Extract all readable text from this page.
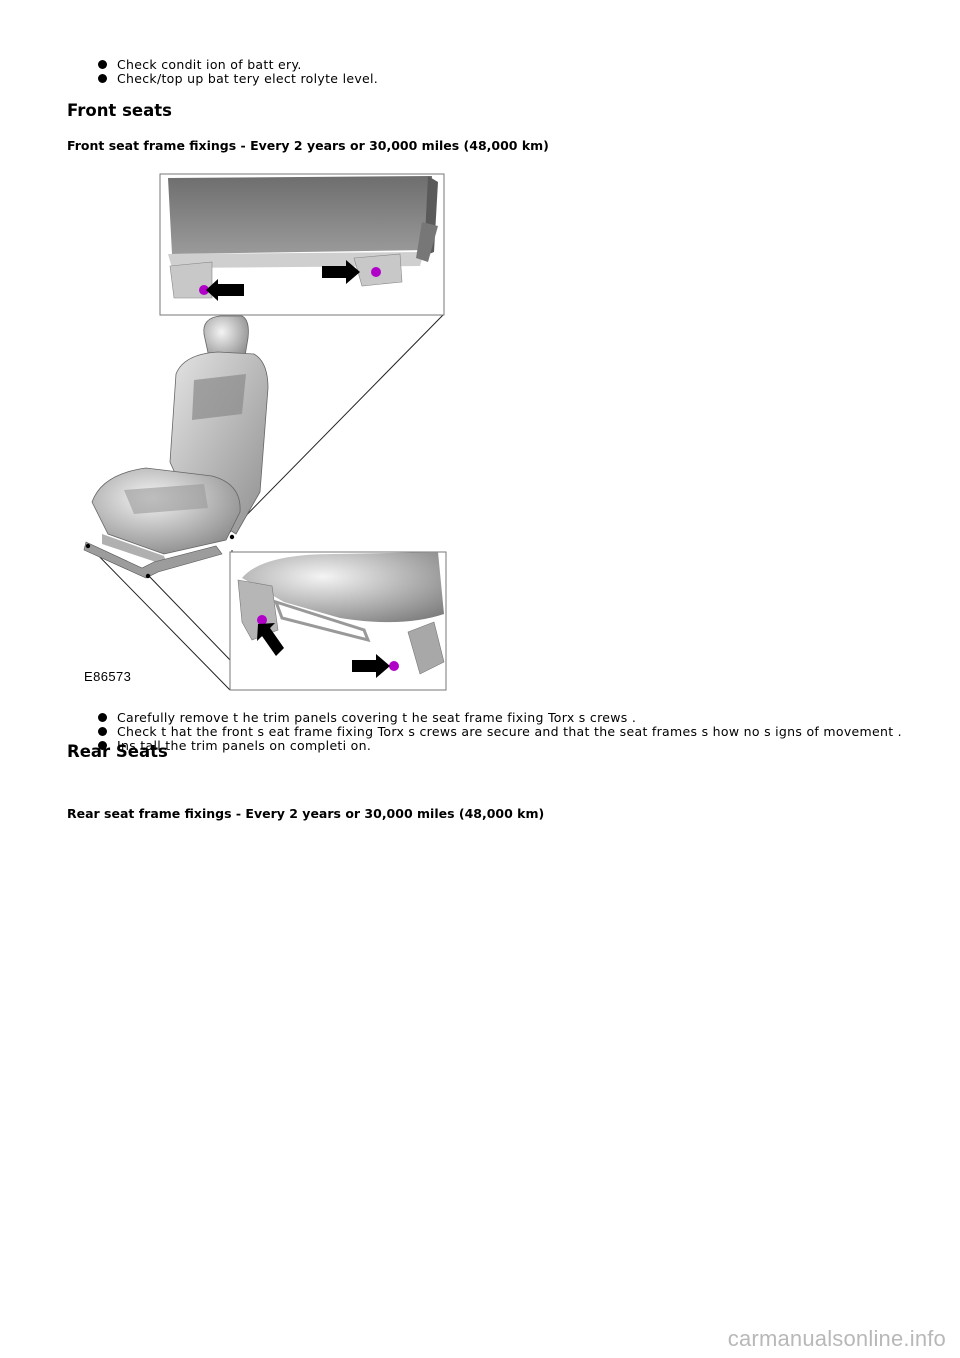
Check condit ion of batt ery.
Check/top up bat tery elect rolyte level.
Front seats
Front seat frame fixings - Every 2 years or 30,000 miles (48,000 km)
E86573
Carefully remove t he trim panels covering t he seat frame fixing Torx s crews .
Check t hat the front s eat frame fixing Torx s crews are secure and that the seat frames s how no s igns of movement .
Ins tall the trim panels on completi on.
Rear Seats
Rear seat frame fixings - Every 2 years or 30,000 miles (48,000 km)
carmanualsonline.info
